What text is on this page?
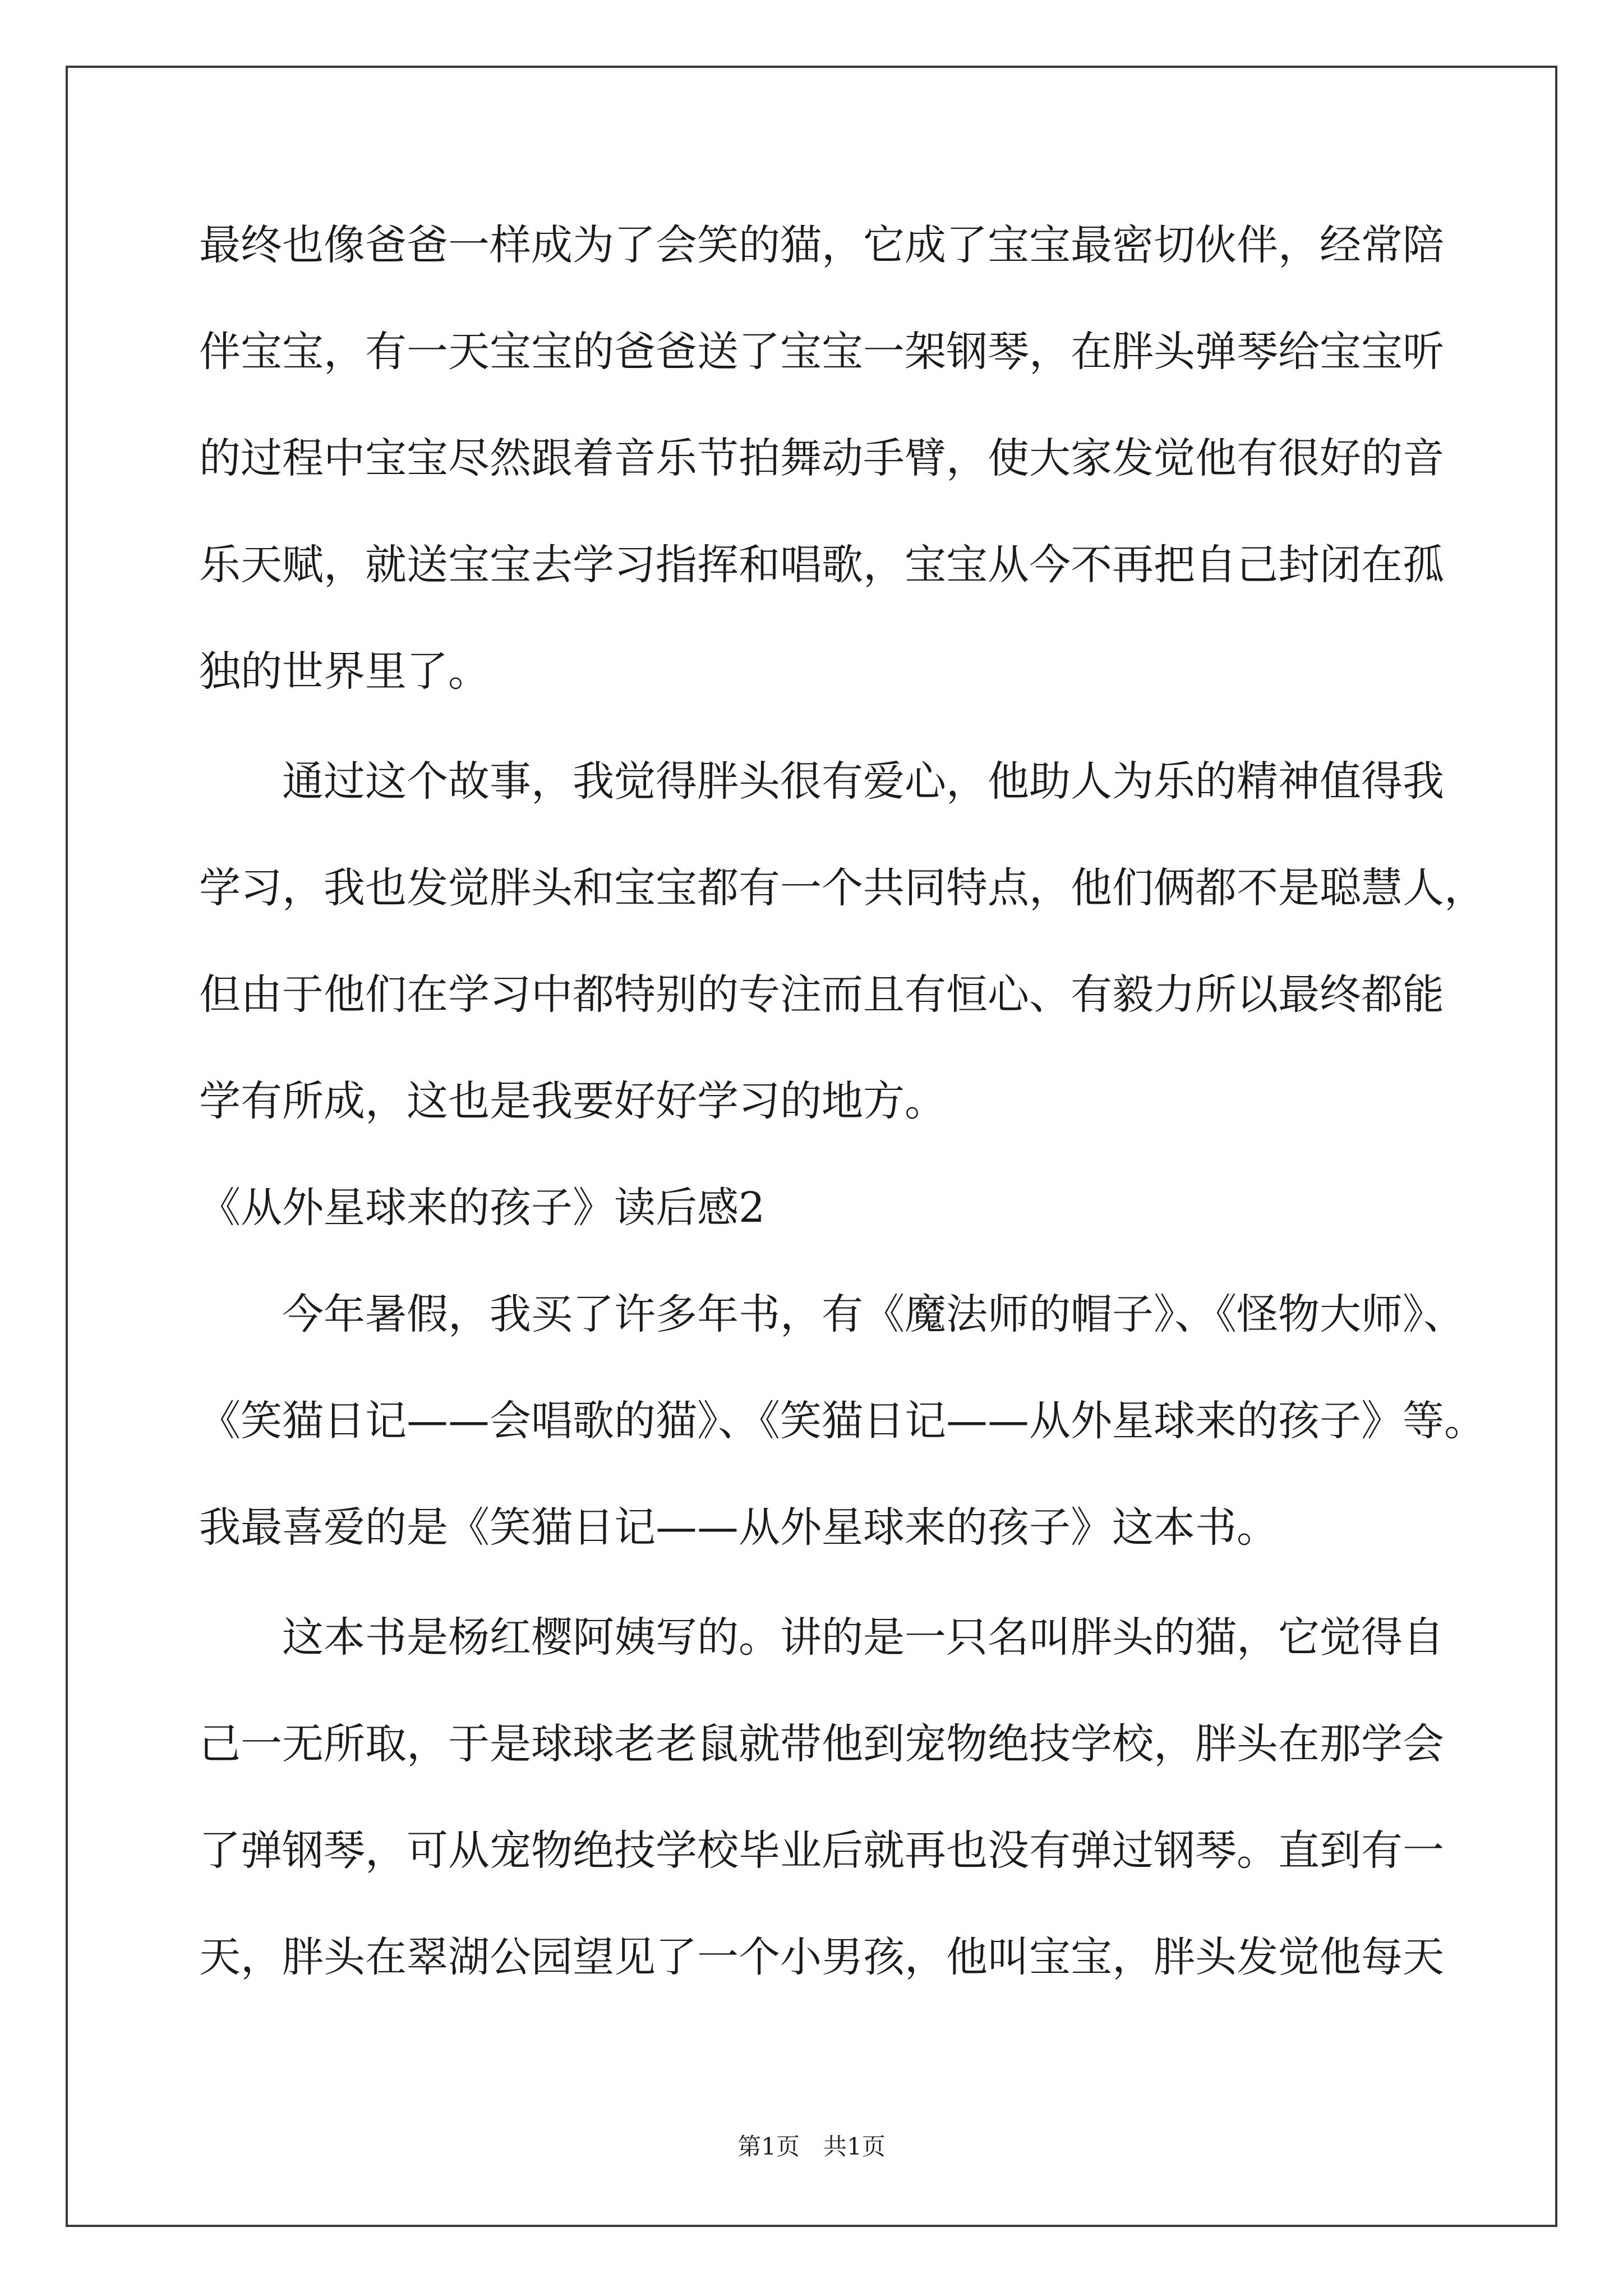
最终也像爸爸一样成为了会笑的猫，它成了宝宝最密切伙伴，经常陪
伴宝宝，有一天宝宝的爸爸送了宝宝一架钢琴，在胖头弹琴给宝宝听
的过程中宝宝尽然跟着音乐节拍舞动手臂，使大家发觉他有很好的音
乐天赋，就送宝宝去学习指挥和唱歌，宝宝从今不再把自己封闭在孤
独的世界里了。
　　通过这个故事，我觉得胖头很有爱心，他助人为乐的精神值得我
学习，我也发觉胖头和宝宝都有一个共同特点，他们俩都不是聪慧人，
但由于他们在学习中都特别的专注而且有恒心、有毅力所以最终都能
学有所成，这也是我要好好学习的地方。
《从外星球来的孩子》读后感2
　　今年暑假，我买了许多年书，有《魔法师的帽子》、《怪物大师》、
《笑猫日记——会唱歌的猫》、《笑猫日记——从外星球来的孩子》等。
我最喜爱的是《笑猫日记——从外星球来的孩子》这本书。
　　这本书是杨红樱阿姨写的。讲的是一只名叫胖头的猫，它觉得自
己一无所取，于是球球老老鼠就带他到宠物绝技学校，胖头在那学会
了弹钢琴，可从宠物绝技学校毕业后就再也没有弹过钢琴。直到有一
天，胖头在翠湖公园望见了一个小男孩，他叫宝宝，胖头发觉他每天
第1页　共1页
